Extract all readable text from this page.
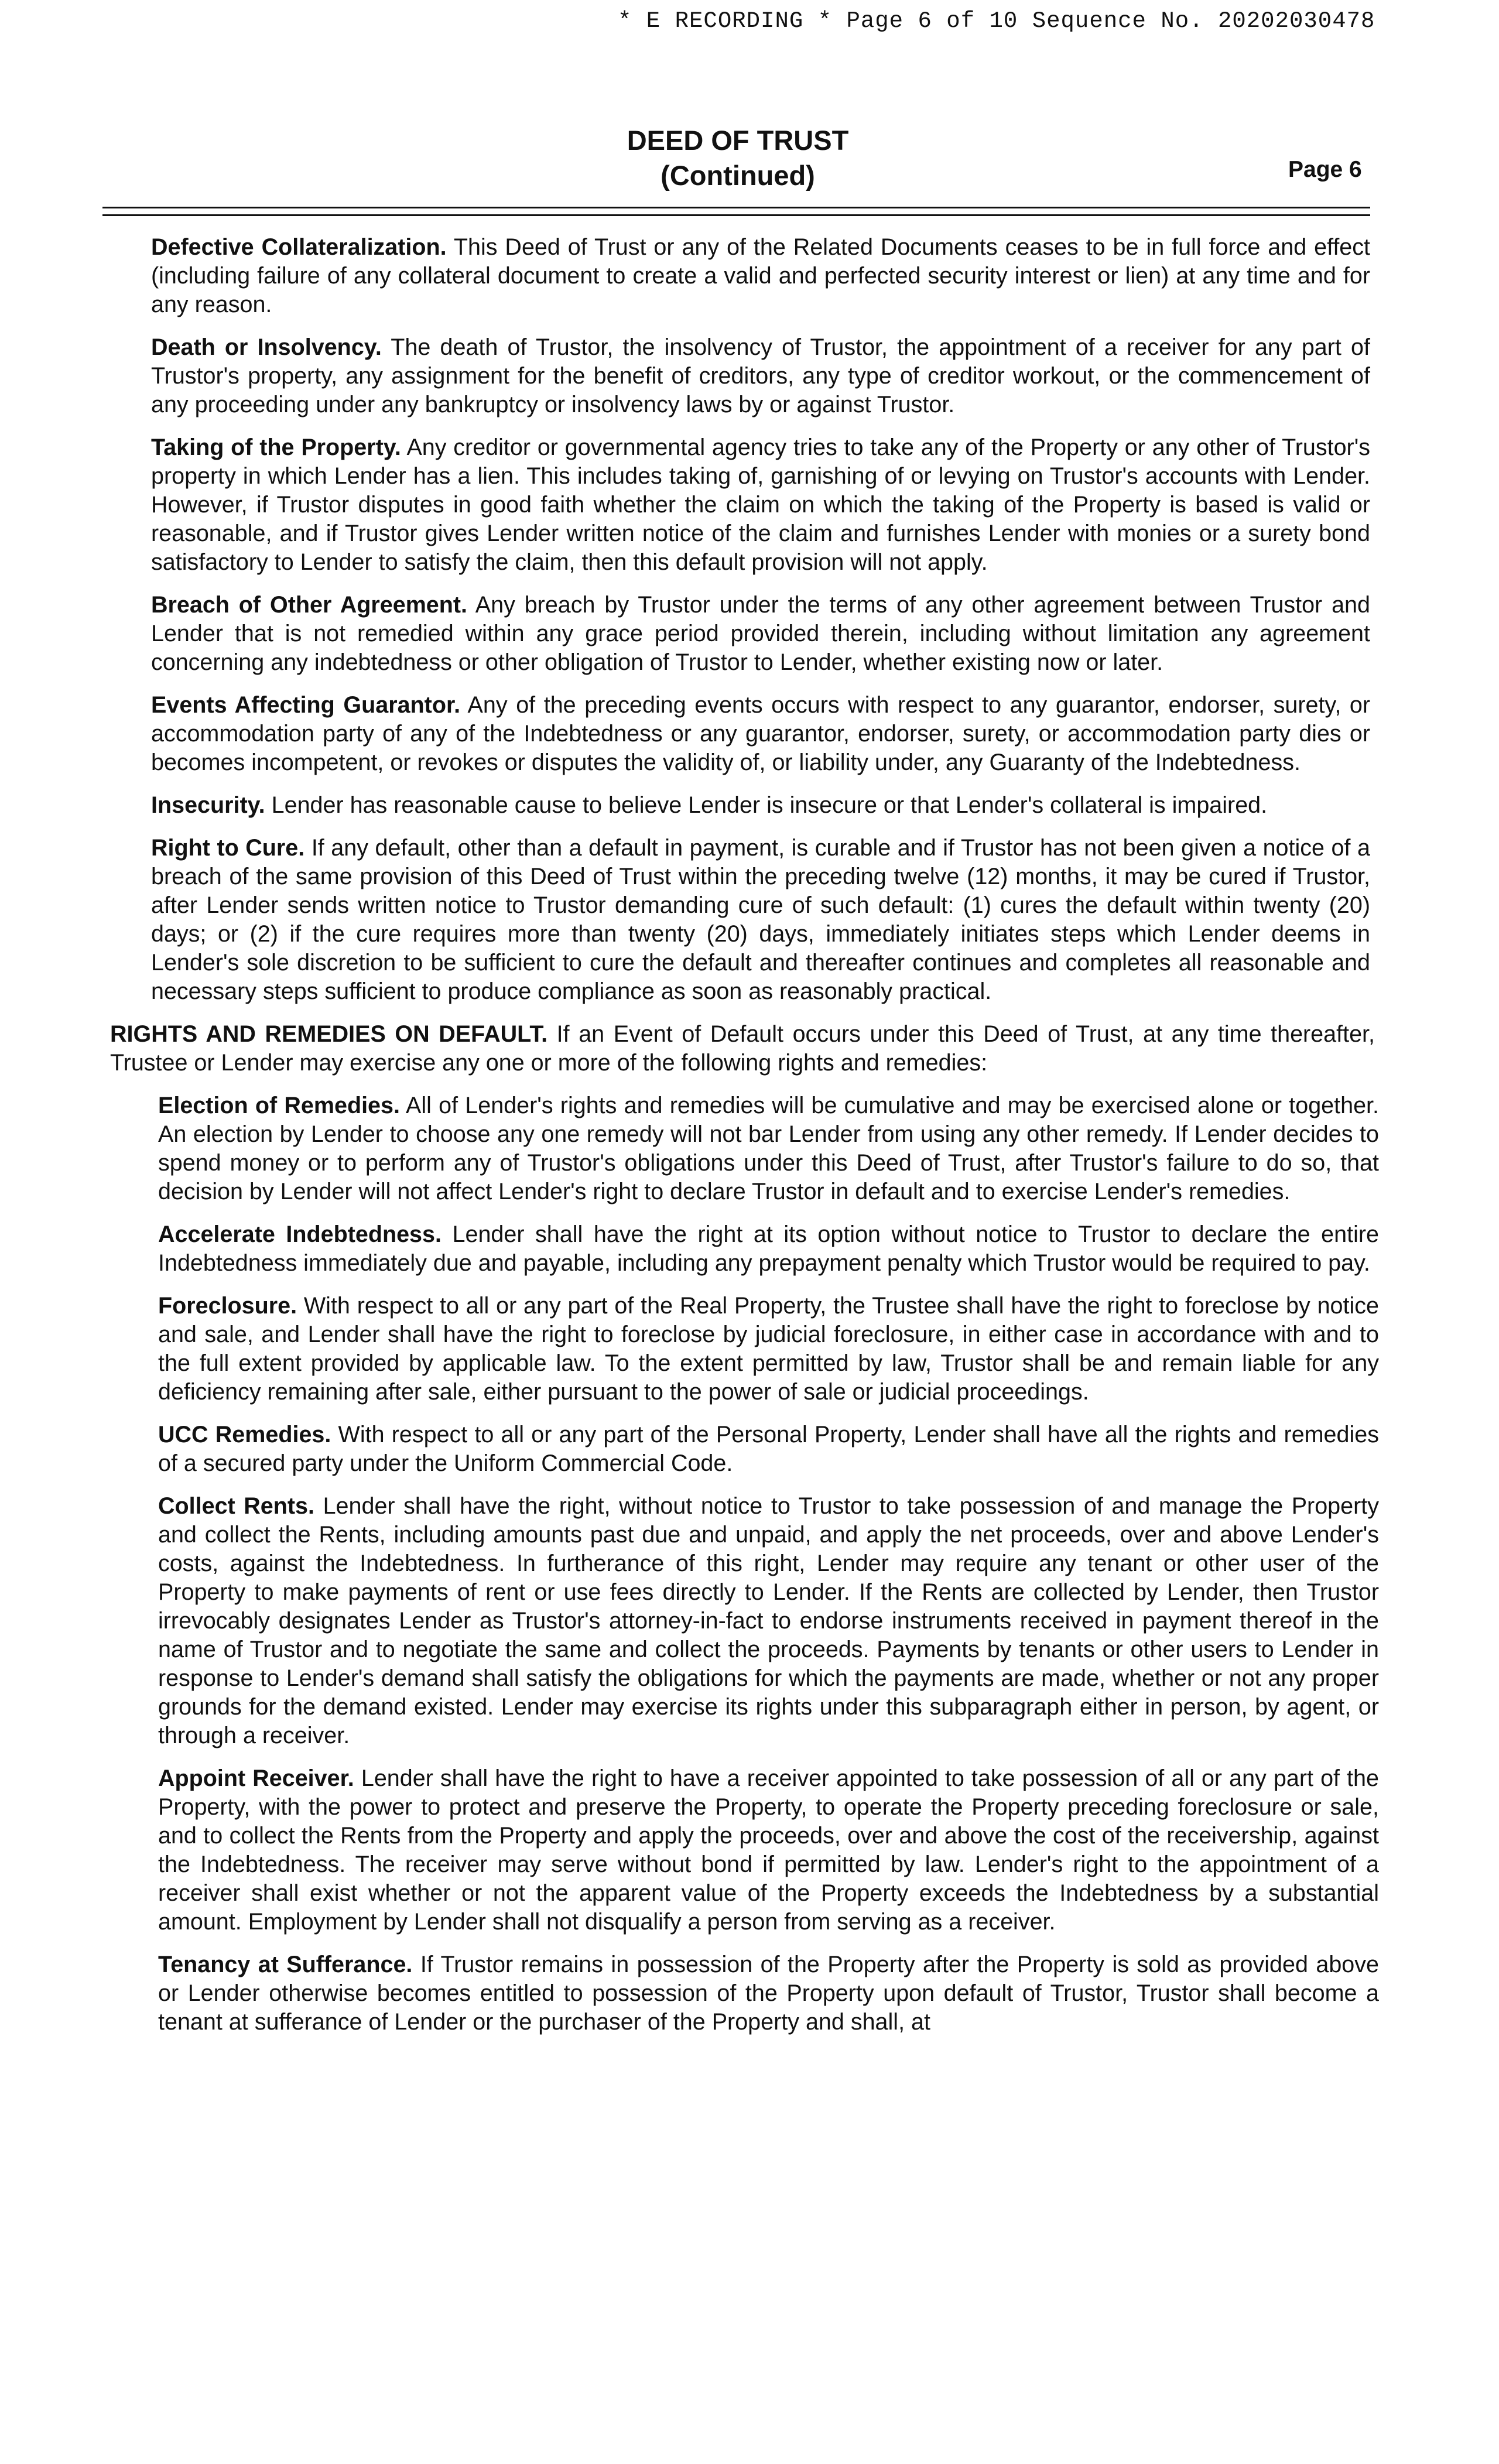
* E RECORDING * Page 6 of 10 Sequence No. 20202030478
DEED OF TRUST
(Continued)	Page 6
Defective Collateralization. This Deed of Trust or any of the Related Documents ceases to be in full force and effect (including failure of any collateral document to create a valid and perfected security interest or lien) at any time and for any reason.
Death or Insolvency. The death of Trustor, the insolvency of Trustor, the appointment of a receiver for any part of Trustor's property, any assignment for the benefit of creditors, any type of creditor workout, or the commencement of any proceeding under any bankruptcy or insolvency laws by or against Trustor.
Taking of the Property. Any creditor or governmental agency tries to take any of the Property or any other of Trustor's property in which Lender has a lien. This includes taking of, garnishing of or levying on Trustor's accounts with Lender. However, if Trustor disputes in good faith whether the claim on which the taking of the Property is based is valid or reasonable, and if Trustor gives Lender written notice of the claim and furnishes Lender with monies or a surety bond satisfactory to Lender to satisfy the claim, then this default provision will not apply.
Breach of Other Agreement. Any breach by Trustor under the terms of any other agreement between Trustor and Lender that is not remedied within any grace period provided therein, including without limitation any agreement concerning any indebtedness or other obligation of Trustor to Lender, whether existing now or later.
Events Affecting Guarantor. Any of the preceding events occurs with respect to any guarantor, endorser, surety, or accommodation party of any of the Indebtedness or any guarantor, endorser, surety, or accommodation party dies or becomes incompetent, or revokes or disputes the validity of, or liability under, any Guaranty of the Indebtedness.
Insecurity. Lender has reasonable cause to believe Lender is insecure or that Lender's collateral is impaired.
Right to Cure. If any default, other than a default in payment, is curable and if Trustor has not been given a notice of a breach of the same provision of this Deed of Trust within the preceding twelve (12) months, it may be cured if Trustor, after Lender sends written notice to Trustor demanding cure of such default: (1) cures the default within twenty (20) days; or (2) if the cure requires more than twenty (20) days, immediately initiates steps which Lender deems in Lender's sole discretion to be sufficient to cure the default and thereafter continues and completes all reasonable and necessary steps sufficient to produce compliance as soon as reasonably practical.
RIGHTS AND REMEDIES ON DEFAULT. If an Event of Default occurs under this Deed of Trust, at any time thereafter, Trustee or Lender may exercise any one or more of the following rights and remedies:
Election of Remedies. All of Lender's rights and remedies will be cumulative and may be exercised alone or together. An election by Lender to choose any one remedy will not bar Lender from using any other remedy. If Lender decides to spend money or to perform any of Trustor's obligations under this Deed of Trust, after Trustor's failure to do so, that decision by Lender will not affect Lender's right to declare Trustor in default and to exercise Lender's remedies.
Accelerate Indebtedness. Lender shall have the right at its option without notice to Trustor to declare the entire Indebtedness immediately due and payable, including any prepayment penalty which Trustor would be required to pay.
Foreclosure. With respect to all or any part of the Real Property, the Trustee shall have the right to foreclose by notice and sale, and Lender shall have the right to foreclose by judicial foreclosure, in either case in accordance with and to the full extent provided by applicable law. To the extent permitted by law, Trustor shall be and remain liable for any deficiency remaining after sale, either pursuant to the power of sale or judicial proceedings.
UCC Remedies. With respect to all or any part of the Personal Property, Lender shall have all the rights and remedies of a secured party under the Uniform Commercial Code.
Collect Rents. Lender shall have the right, without notice to Trustor to take possession of and manage the Property and collect the Rents, including amounts past due and unpaid, and apply the net proceeds, over and above Lender's costs, against the Indebtedness. In furtherance of this right, Lender may require any tenant or other user of the Property to make payments of rent or use fees directly to Lender. If the Rents are collected by Lender, then Trustor irrevocably designates Lender as Trustor's attorney-in-fact to endorse instruments received in payment thereof in the name of Trustor and to negotiate the same and collect the proceeds. Payments by tenants or other users to Lender in response to Lender's demand shall satisfy the obligations for which the payments are made, whether or not any proper grounds for the demand existed. Lender may exercise its rights under this subparagraph either in person, by agent, or through a receiver.
Appoint Receiver. Lender shall have the right to have a receiver appointed to take possession of all or any part of the Property, with the power to protect and preserve the Property, to operate the Property preceding foreclosure or sale, and to collect the Rents from the Property and apply the proceeds, over and above the cost of the receivership, against the Indebtedness. The receiver may serve without bond if permitted by law. Lender's right to the appointment of a receiver shall exist whether or not the apparent value of the Property exceeds the Indebtedness by a substantial amount. Employment by Lender shall not disqualify a person from serving as a receiver.
Tenancy at Sufferance. If Trustor remains in possession of the Property after the Property is sold as provided above or Lender otherwise becomes entitled to possession of the Property upon default of Trustor, Trustor shall become a tenant at sufferance of Lender or the purchaser of the Property and shall, at
